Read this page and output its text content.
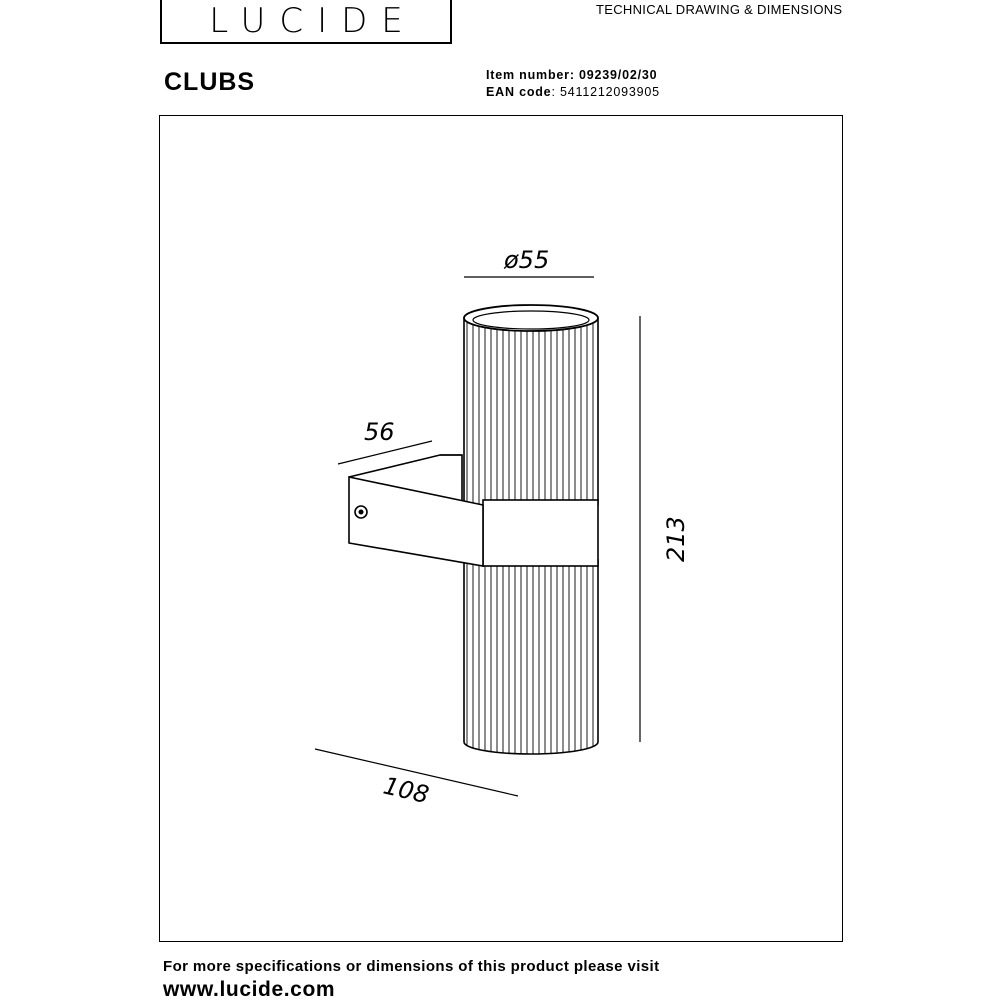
LUCIDE	TECHNICAL DRAWING & DIMENSIONS
CLUBS	Item number: 09239/02/30
EAN code: 5411212093905
ø55
56
213
108
For more specifications or dimensions of this product please visit
www.lucide.com
